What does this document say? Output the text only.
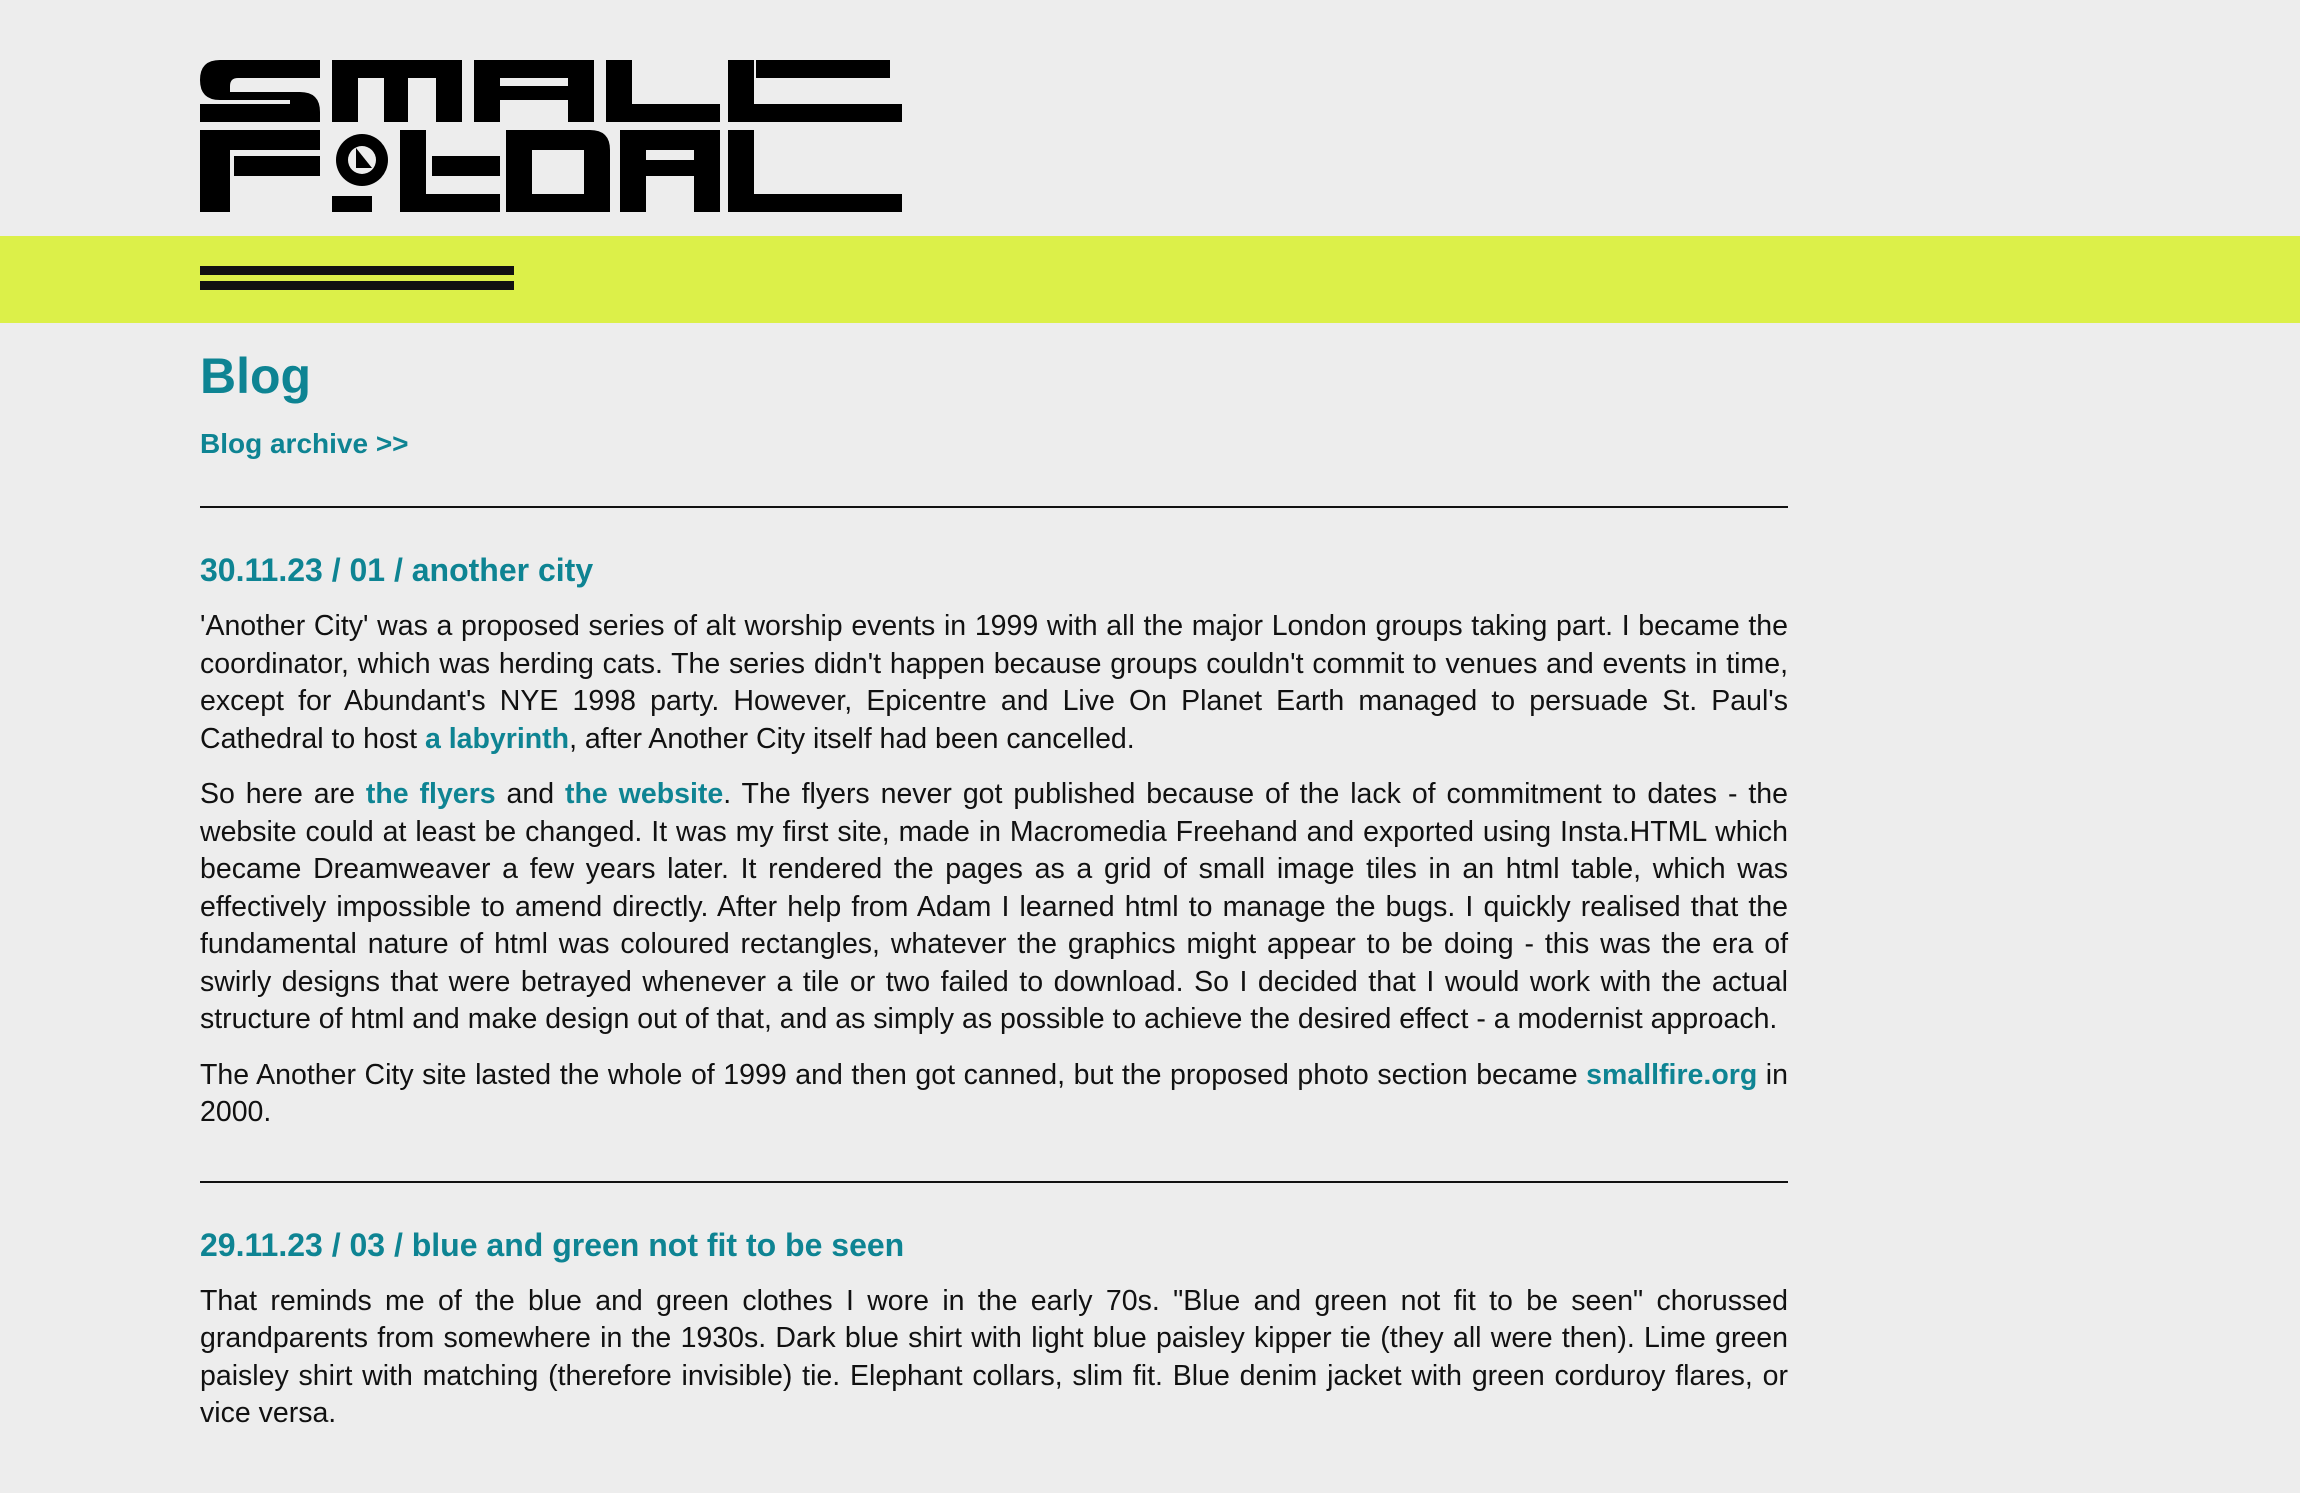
Blog
Blog archive >>
30.11.23 / 01 / another city

'Another City' was a proposed series of alt worship events in 1999 with all the major London groups taking part. I became the coordinator, which was herding cats. The series didn't happen because groups couldn't commit to venues and events in time, except for Abundant's NYE 1998 party. However, Epicentre and Live On Planet Earth managed to persuade St. Paul's Cathedral to host a labyrinth, after Another City itself had been cancelled.

So here are the flyers and the website. The flyers never got published because of the lack of commitment to dates - the website could at least be changed. It was my first site, made in Macromedia Freehand and exported using Insta.HTML which became Dreamweaver a few years later. It rendered the pages as a grid of small image tiles in an html table, which was effectively impossible to amend directly. After help from Adam I learned html to manage the bugs. I quickly realised that the fundamental nature of html was coloured rectangles, whatever the graphics might appear to be doing - this was the era of swirly designs that were betrayed whenever a tile or two failed to download. So I decided that I would work with the actual structure of html and make design out of that, and as simply as possible to achieve the desired effect - a modernist approach.

The Another City site lasted the whole of 1999 and then got canned, but the proposed photo section became smallfire.org in 2000.

29.11.23 / 03 / blue and green not fit to be seen

That reminds me of the blue and green clothes I wore in the early 70s. "Blue and green not fit to be seen" chorussed grandparents from somewhere in the 1930s. Dark blue shirt with light blue paisley kipper tie (they all were then). Lime green paisley shirt with matching (therefore invisible) tie. Elephant collars, slim fit. Blue denim jacket with green corduroy flares, or vice versa.
